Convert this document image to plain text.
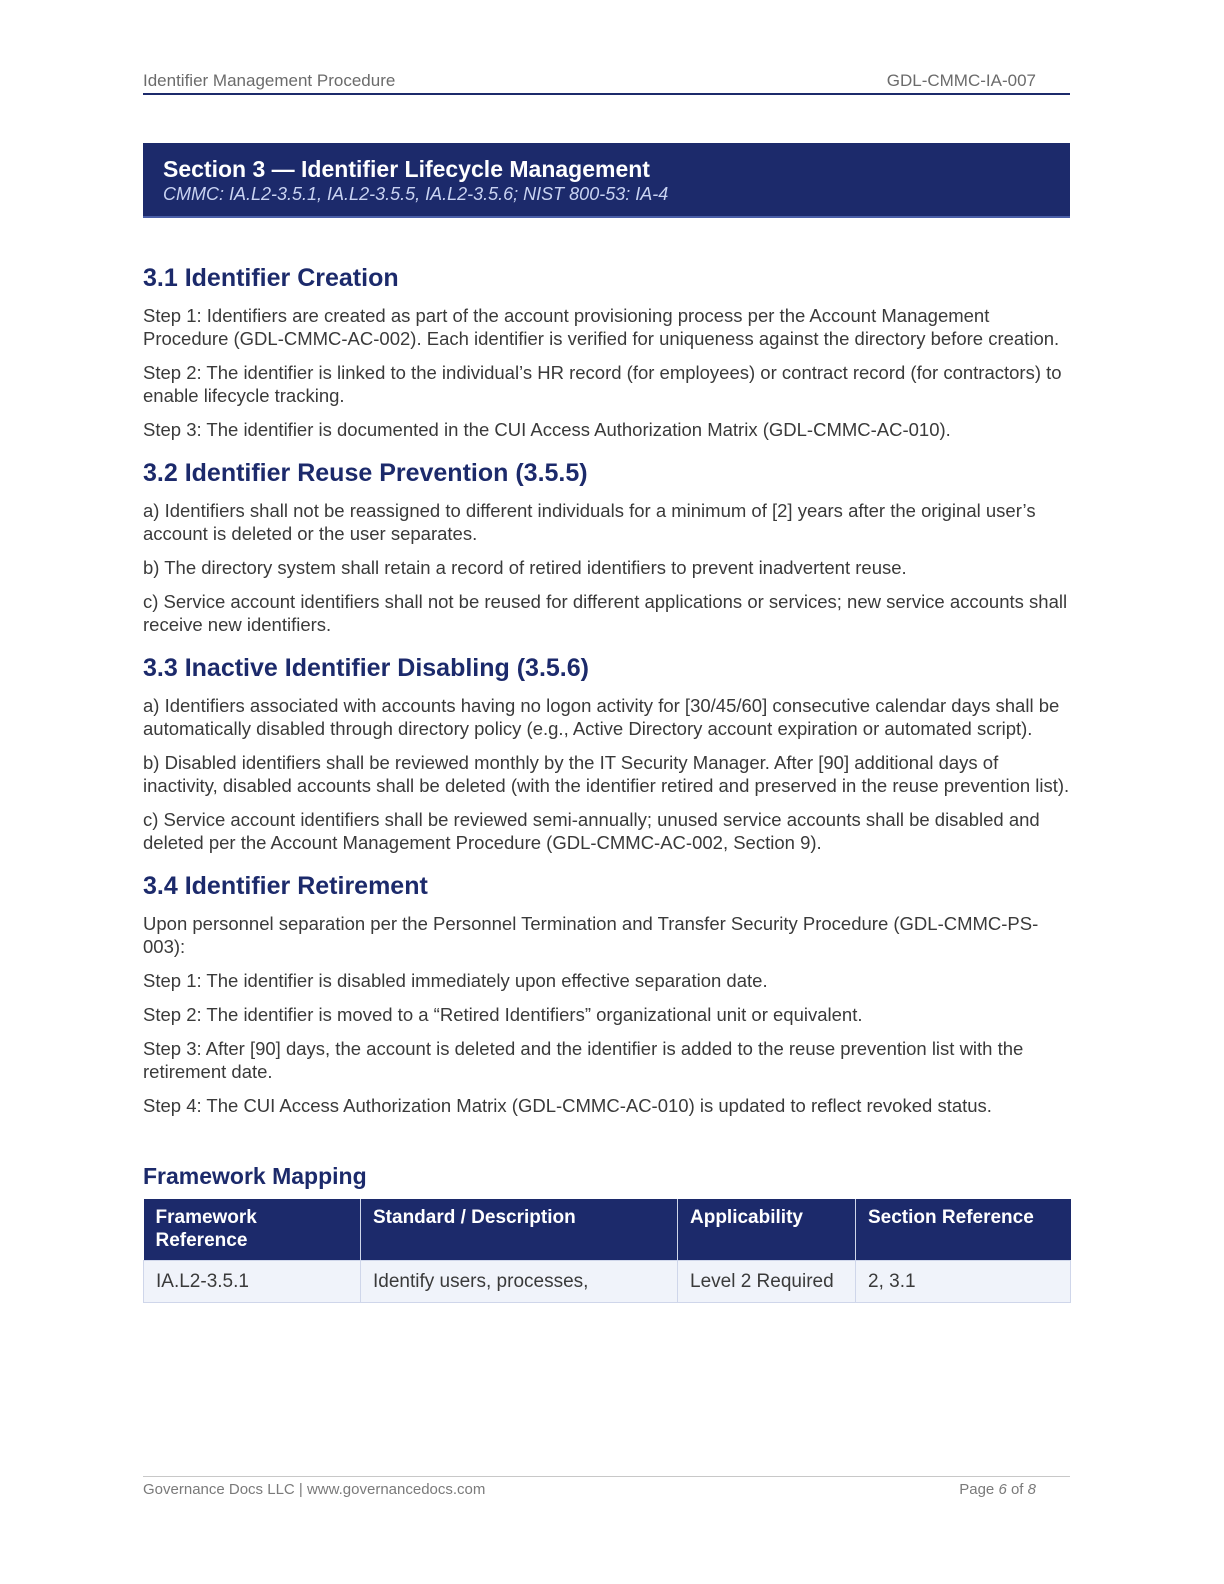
Identifier Management Procedure	GDL-CMMC-IA-007
Section 3 — Identifier Lifecycle Management
CMMC: IA.L2-3.5.1, IA.L2-3.5.5, IA.L2-3.5.6; NIST 800-53: IA-4
3.1 Identifier Creation

Step 1: Identifiers are created as part of the account provisioning process per the Account Management Procedure (GDL-CMMC-AC-002). Each identifier is verified for uniqueness against the directory before creation.

Step 2: The identifier is linked to the individual’s HR record (for employees) or contract record (for contractors) to enable lifecycle tracking.

Step 3: The identifier is documented in the CUI Access Authorization Matrix (GDL-CMMC-AC-010).

3.2 Identifier Reuse Prevention (3.5.5)

a) Identifiers shall not be reassigned to different individuals for a minimum of [2] years after the original user’s account is deleted or the user separates.

b) The directory system shall retain a record of retired identifiers to prevent inadvertent reuse.

c) Service account identifiers shall not be reused for different applications or services; new service accounts shall receive new identifiers.

3.3 Inactive Identifier Disabling (3.5.6)

a) Identifiers associated with accounts having no logon activity for [30/45/60] consecutive calendar days shall be automatically disabled through directory policy (e.g., Active Directory account expiration or automated script).

b) Disabled identifiers shall be reviewed monthly by the IT Security Manager. After [90] additional days of inactivity, disabled accounts shall be deleted (with the identifier retired and preserved in the reuse prevention list).

c) Service account identifiers shall be reviewed semi-annually; unused service accounts shall be disabled and deleted per the Account Management Procedure (GDL-CMMC-AC-002, Section 9).

3.4 Identifier Retirement

Upon personnel separation per the Personnel Termination and Transfer Security Procedure (GDL-CMMC-PS-003):

Step 1: The identifier is disabled immediately upon effective separation date.

Step 2: The identifier is moved to a “Retired Identifiers” organizational unit or equivalent.

Step 3: After [90] days, the account is deleted and the identifier is added to the reuse prevention list with the retirement date.

Step 4: The CUI Access Authorization Matrix (GDL-CMMC-AC-010) is updated to reflect revoked status.

Framework Mapping
Framework Reference	Standard / Description	Applicability	Section Reference
IA.L2-3.5.1	Identify users, processes,	Level 2 Required	2, 3.1
Governance Docs LLC | www.governancedocs.com	Page 6 of 8
